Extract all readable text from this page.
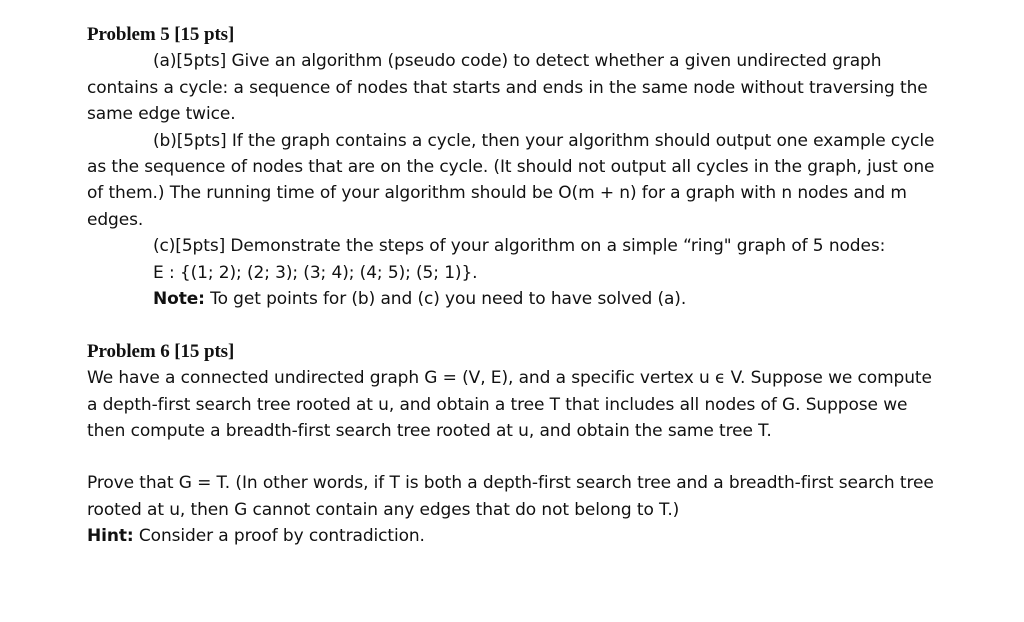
Problem 5 [15 pts]

(a)[5pts] Give an algorithm (pseudo code) to detect whether a given undirected graph contains a cycle: a sequence of nodes that starts and ends in the same node without traversing the same edge twice.

(b)[5pts] If the graph contains a cycle, then your algorithm should output one example cycle as the sequence of nodes that are on the cycle. (It should not output all cycles in the graph, just one of them.) The running time of your algorithm should be O(m + n) for a graph with n nodes and m edges.

(c)[5pts] Demonstrate the steps of your algorithm on a simple “ring" graph of 5 nodes:

E : {(1; 2); (2; 3); (3; 4); (4; 5); (5; 1)}.

Note: To get points for (b) and (c) you need to have solved (a).

Problem 6 [15 pts]

We have a connected undirected graph G = (V, E), and a specific vertex u ϵ V. Suppose we compute a depth-first search tree rooted at u, and obtain a tree T that includes all nodes of G. Suppose we then compute a breadth-first search tree rooted at u, and obtain the same tree T.

Prove that G = T. (In other words, if T is both a depth-first search tree and a breadth-first search tree rooted at u, then G cannot contain any edges that do not belong to T.)

Hint: Consider a proof by contradiction.
